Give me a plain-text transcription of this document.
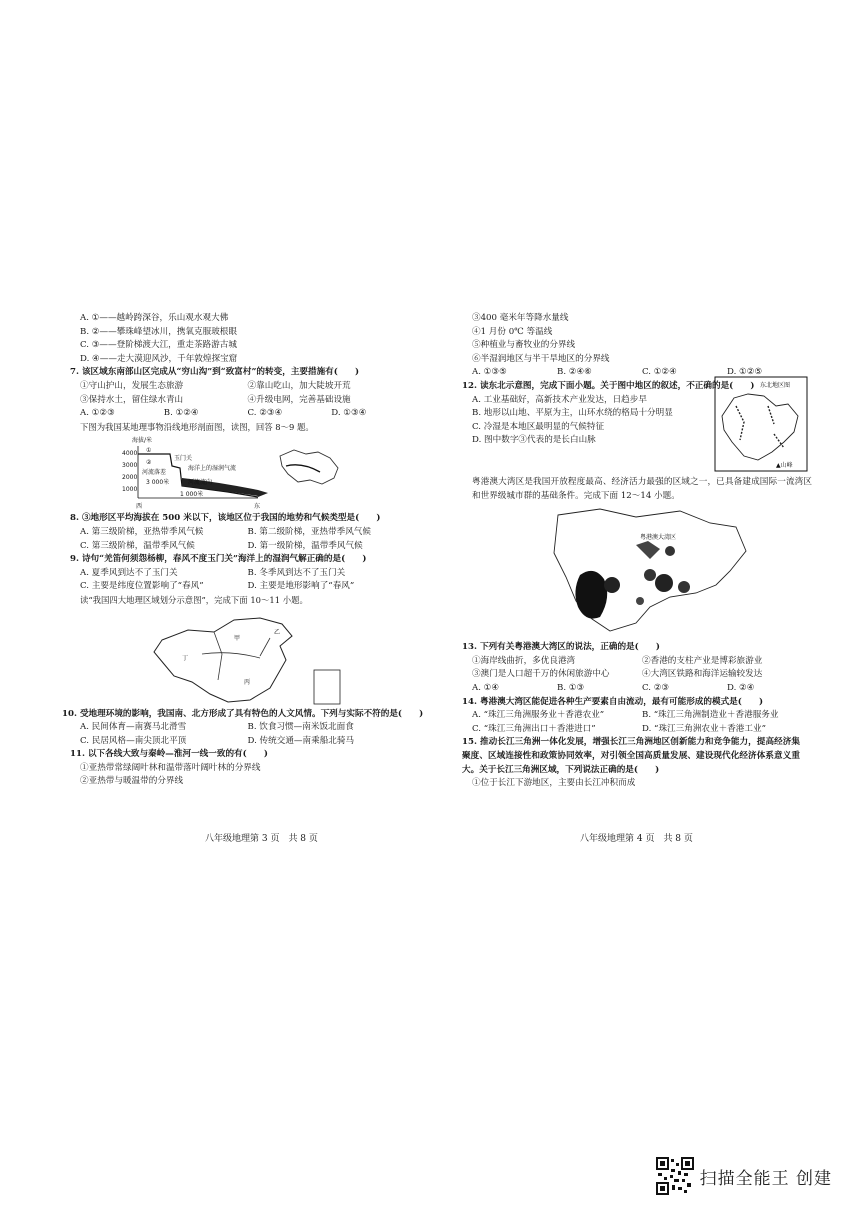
A. ①——越岭跨深谷，乐山观水观大佛
B. ②——攀珠峰望冰川，携氧克服玻根眼
C. ③——登阶梯渡大江，重走茶路游古城
D. ④——走大漠迎风沙，千年敦煌探宝窟
7. 该区域东南部山区完成从“穷山沟”到“致富村”的转变，主要措施有(　　)
①守山护山，发展生态旅游	②靠山吃山，加大陡坡开荒
③保持水土，留住绿水青山	④升级电网，完善基础设施
A. ①②③	B. ①②④	C. ②③④	D. ①③④
下图为我国某地理事物沿线地形剖面图，读图，回答 8～9 题。
海拔/米
4000
3000
2000
1000
①
②
玉门关
海洋上的湿润气流
河流落差
3 000米	河流流向
1 000米
西	东
8. ③地形区平均海拔在 500 米以下，该地区位于我国的地势和气候类型是(　　)
A. 第三级阶梯，亚热带季风气候	B. 第二级阶梯，亚热带季风气候
C. 第三级阶梯，温带季风气候	D. 第一级阶梯，温带季风气候
9. 诗句“羌笛何须怨杨柳，春风不度玉门关”海洋上的湿润气解正确的是(　　)
A. 夏季风到达不了玉门关	B. 冬季风到达不了玉门关
C. 主要是纬度位置影响了“春风”	D. 主要是地形影响了“春风”
读“我国四大地理区域划分示意图”，完成下面 10～11 小题。
甲
乙
丙
丁
10. 受地理环境的影响，我国南、北方形成了具有特色的人文风情。下列与实际不符的是(　　)
A. 民间体育—南赛马北滑雪	B. 饮食习惯—南米饭北面食
C. 民居风格—南尖顶北平顶	D. 传统交通—南乘船北骑马
11. 以下各线大致与秦岭—淮河一线一致的有(　　)
①亚热带常绿阔叶林和温带落叶阔叶林的分界线
②亚热带与暖温带的分界线
八年级地理第 3 页　共 8 页
③400 毫米年等降水量线
④1 月份 0℃ 等温线
⑤种植业与畜牧业的分界线
⑥半湿润地区与半干旱地区的分界线
A. ①③⑤	B. ②④⑥	C. ①②④	D. ①②⑤
12. 读东北示意图，完成下面小题。关于图中地区的叙述，不正确的是(　　)
A. 工业基础好，高新技术产业发达，日趋步早
B. 地形以山地、平原为主，山环水绕的格局十分明显
C. 冷湿是本地区最明显的气候特征
D. 图中数字③代表的是长白山脉
东北地区图
▲山峰
粤港澳大湾区是我国开放程度最高、经济活力最强的区域之一，已具备建成国际一流湾区和世界级城市群的基础条件。完成下面 12～14 小题。
粤港澳大湾区
13. 下列有关粤港澳大湾区的说法，正确的是(　　)
①海岸线曲折，多优良港湾	②香港的支柱产业是博彩旅游业
③澳门是人口超千万的休闲旅游中心	④大湾区铁路和海洋运输较发达
A. ①④	B. ①③	C. ②③	D. ②④
14. 粤港澳大湾区能促进各种生产要素自由流动，最有可能形成的模式是(　　)
A. “珠江三角洲服务业＋香港农业”	B. “珠江三角洲制造业＋香港服务业
C. “珠江三角洲出口＋香港进口”	D. “珠江三角洲农业＋香港工业”
15. 推动长江三角洲一体化发展，增强长江三角洲地区创新能力和竞争能力，提高经济集聚度、区域连接性和政策协同效率，对引领全国高质量发展、建设现代化经济体系意义重大。关于长江三角洲区域，下列说法正确的是(　　)
①位于长江下游地区，主要由长江冲积而成
八年级地理第 4 页　共 8 页
扫描全能王 创建
